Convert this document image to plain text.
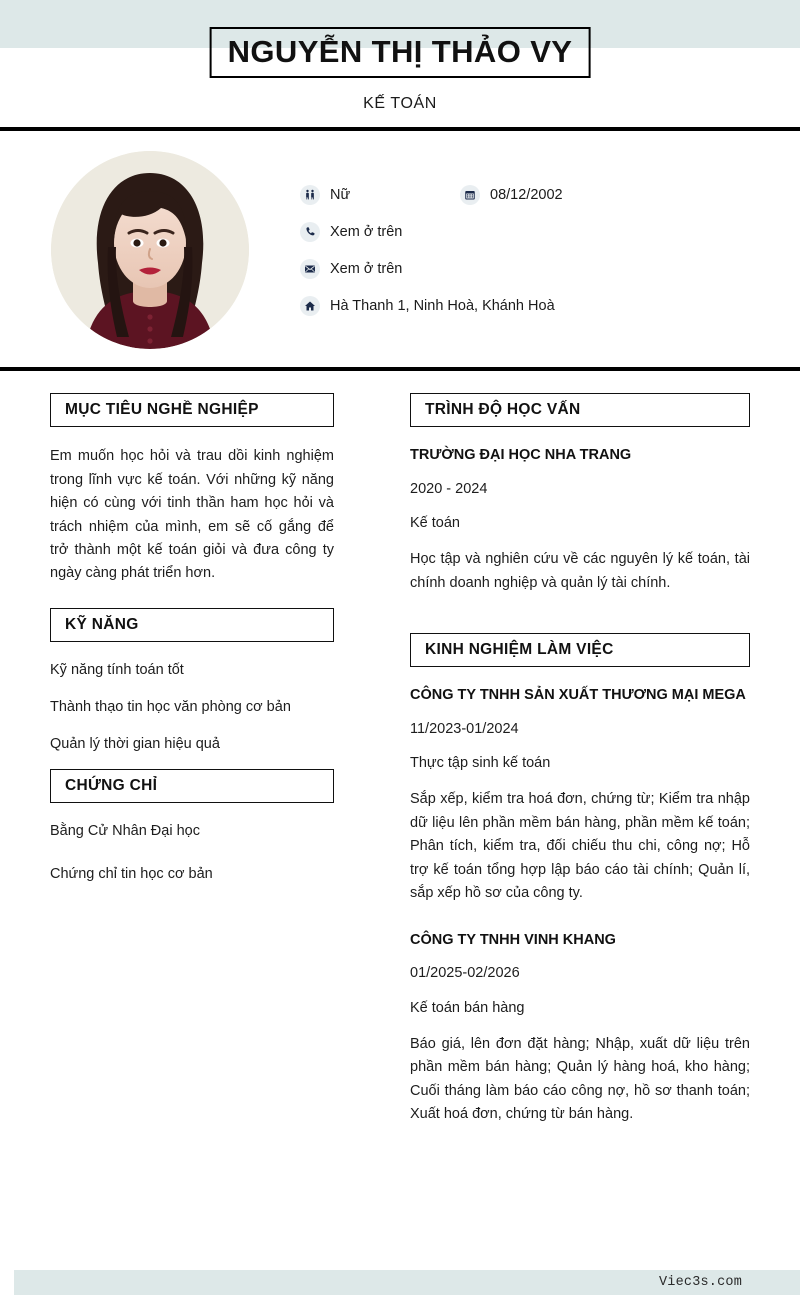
NGUYỄN THỊ THẢO VY
KẾ TOÁN
Nữ	08/12/2002
Xem ở trên
Xem ở trên
Hà Thanh 1, Ninh Hoà, Khánh Hoà
MỤC TIÊU NGHỀ NGHIỆP

Em muốn học hỏi và trau dồi kinh nghiệm trong lĩnh vực kế toán. Với những kỹ năng hiện có cùng với tinh thần ham học hỏi và trách nhiệm của mình, em sẽ cố gắng để trở thành một kế toán giỏi và đưa công ty ngày càng phát triển hơn.

KỸ NĂNG
Kỹ năng tính toán tốt
Thành thạo tin học văn phòng cơ bản
Quản lý thời gian hiệu quả
CHỨNG CHỈ
Bằng Cử Nhân Đại học
Chứng chỉ tin học cơ bản
TRÌNH ĐỘ HỌC VẤN
TRƯỜNG ĐẠI HỌC NHA TRANG
2020 - 2024
Kế toán
Học tập và nghiên cứu về các nguyên lý kế toán, tài chính doanh nghiệp và quản lý tài chính.
KINH NGHIỆM LÀM VIỆC
CÔNG TY TNHH SẢN XUẤT THƯƠNG MẠI MEGA
11/2023-01/2024
Thực tập sinh kế toán
Sắp xếp, kiểm tra hoá đơn, chứng từ; Kiểm tra nhập dữ liệu lên phần mềm bán hàng, phần mềm kế toán; Phân tích, kiểm tra, đối chiếu thu chi, công nợ; Hỗ trợ kế toán tổng hợp lập báo cáo tài chính; Quản lí, sắp xếp hồ sơ của công ty.
CÔNG TY TNHH VINH KHANG
01/2025-02/2026
Kế toán bán hàng
Báo giá, lên đơn đặt hàng; Nhập, xuất dữ liệu trên phần mềm bán hàng; Quản lý hàng hoá, kho hàng; Cuối tháng làm báo cáo công nợ, hồ sơ thanh toán; Xuất hoá đơn, chứng từ bán hàng.
Viec3s.com
